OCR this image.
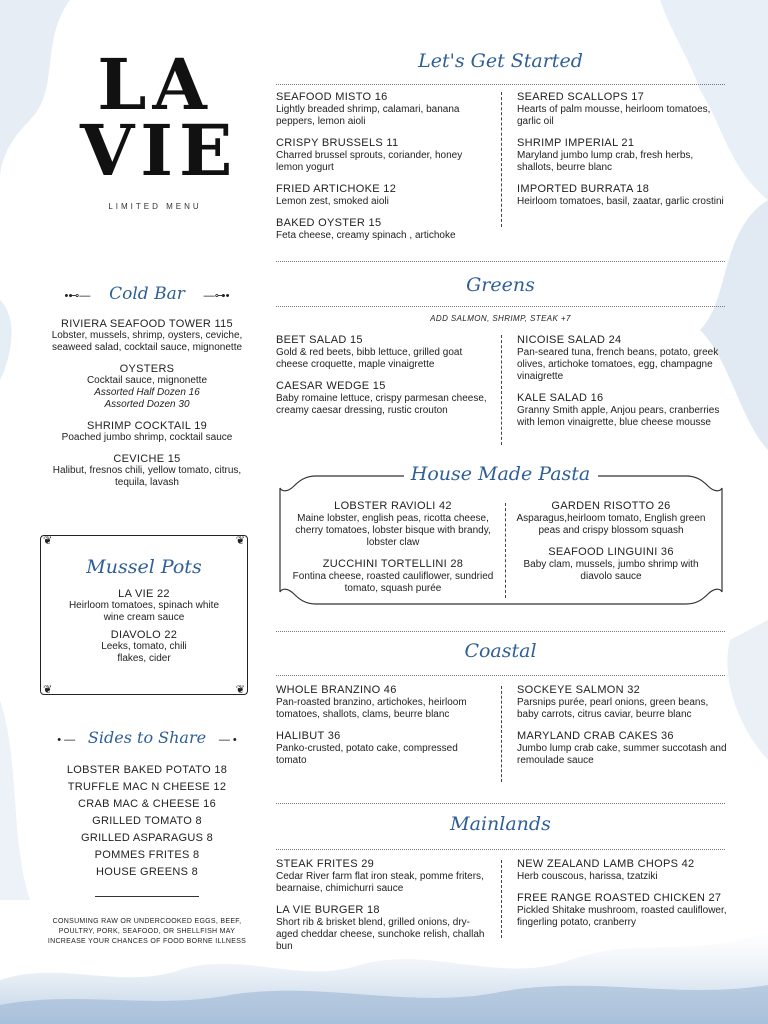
LA
VIE
LIMITED MENU
•⊷— Cold Bar —⊶•
RIVIERA SEAFOOD TOWER 115
Lobster, mussels, shrimp, oysters, ceviche, seaweed salad, cocktail sauce, mignonette
OYSTERS
Cocktail sauce, mignonette
Assorted Half Dozen 16
Assorted Dozen 30
SHRIMP COCKTAIL 19
Poached jumbo shrimp, cocktail sauce
CEVICHE 15
Halibut, fresnos chili, yellow tomato, citrus, tequila, lavash
❦	❦
❦	❦
Mussel Pots
LA VIE 22
Heirloom tomatoes, spinach white wine cream sauce
DIAVOLO 22
Leeks, tomato, chili flakes, cider
• — Sides to Share — •
LOBSTER BAKED POTATO 18
TRUFFLE MAC N CHEESE 12
CRAB MAC & CHEESE 16
GRILLED TOMATO 8
GRILLED ASPARAGUS 8
POMMES FRITES 8
HOUSE GREENS 8
CONSUMING RAW OR UNDERCOOKED EGGS, BEEF, POULTRY, PORK, SEAFOOD, OR SHELLFISH MAY INCREASE YOUR CHANCES OF FOOD BORNE ILLNESS
Let's Get Started
SEAFOOD MISTO 16
Lightly breaded shrimp, calamari, banana peppers, lemon aioli
CRISPY BRUSSELS 11
Charred brussel sprouts, coriander, honey lemon yogurt
FRIED ARTICHOKE 12
Lemon zest, smoked aioli
BAKED OYSTER 15
Feta cheese, creamy spinach , artichoke
SEARED SCALLOPS 17
Hearts of palm mousse, heirloom tomatoes, garlic oil
SHRIMP IMPERIAL 21
Maryland jumbo lump crab, fresh herbs, shallots, beurre blanc
IMPORTED BURRATA 18
Heirloom tomatoes, basil, zaatar, garlic crostini
Greens
ADD SALMON, SHRIMP, STEAK +7
BEET SALAD 15
Gold & red beets, bibb lettuce, grilled goat cheese croquette, maple vinaigrette
CAESAR WEDGE 15
Baby romaine lettuce, crispy parmesan cheese, creamy caesar dressing, rustic crouton
NICOISE SALAD 24
Pan-seared tuna, french beans, potato, greek olives, artichoke tomatoes, egg, champagne vinaigrette
KALE SALAD 16
Granny Smith apple, Anjou pears, cranberries with lemon vinaigrette, blue cheese mousse
House Made Pasta
LOBSTER RAVIOLI 42
Maine lobster, english peas, ricotta cheese, cherry tomatoes, lobster bisque with brandy, lobster claw
ZUCCHINI TORTELLINI 28
Fontina cheese, roasted cauliflower, sundried tomato, squash purée
GARDEN RISOTTO 26
Asparagus,heirloom tomato, English green peas and crispy blossom squash
SEAFOOD LINGUINI 36
Baby clam, mussels, jumbo shrimp with diavolo sauce
Coastal
WHOLE BRANZINO 46
Pan-roasted branzino, artichokes, heirloom tomatoes, shallots, clams, beurre blanc
HALIBUT 36
Panko-crusted, potato cake, compressed tomato
SOCKEYE SALMON 32
Parsnips purée, pearl onions, green beans, baby carrots, citrus caviar, beurre blanc
MARYLAND CRAB CAKES 36
Jumbo lump crab cake, summer succotash and remoulade sauce
Mainlands
STEAK FRITES 29
Cedar River farm flat iron steak, pomme friters, bearnaise, chimichurri sauce
LA VIE BURGER 18
Short rib & brisket blend, grilled onions, dry-aged cheddar cheese, sunchoke relish, challah bun
NEW ZEALAND LAMB CHOPS 42
Herb couscous, harissa, tzatziki
FREE RANGE ROASTED CHICKEN 27
Pickled Shitake mushroom, roasted cauliflower, fingerling potato, cranberry
